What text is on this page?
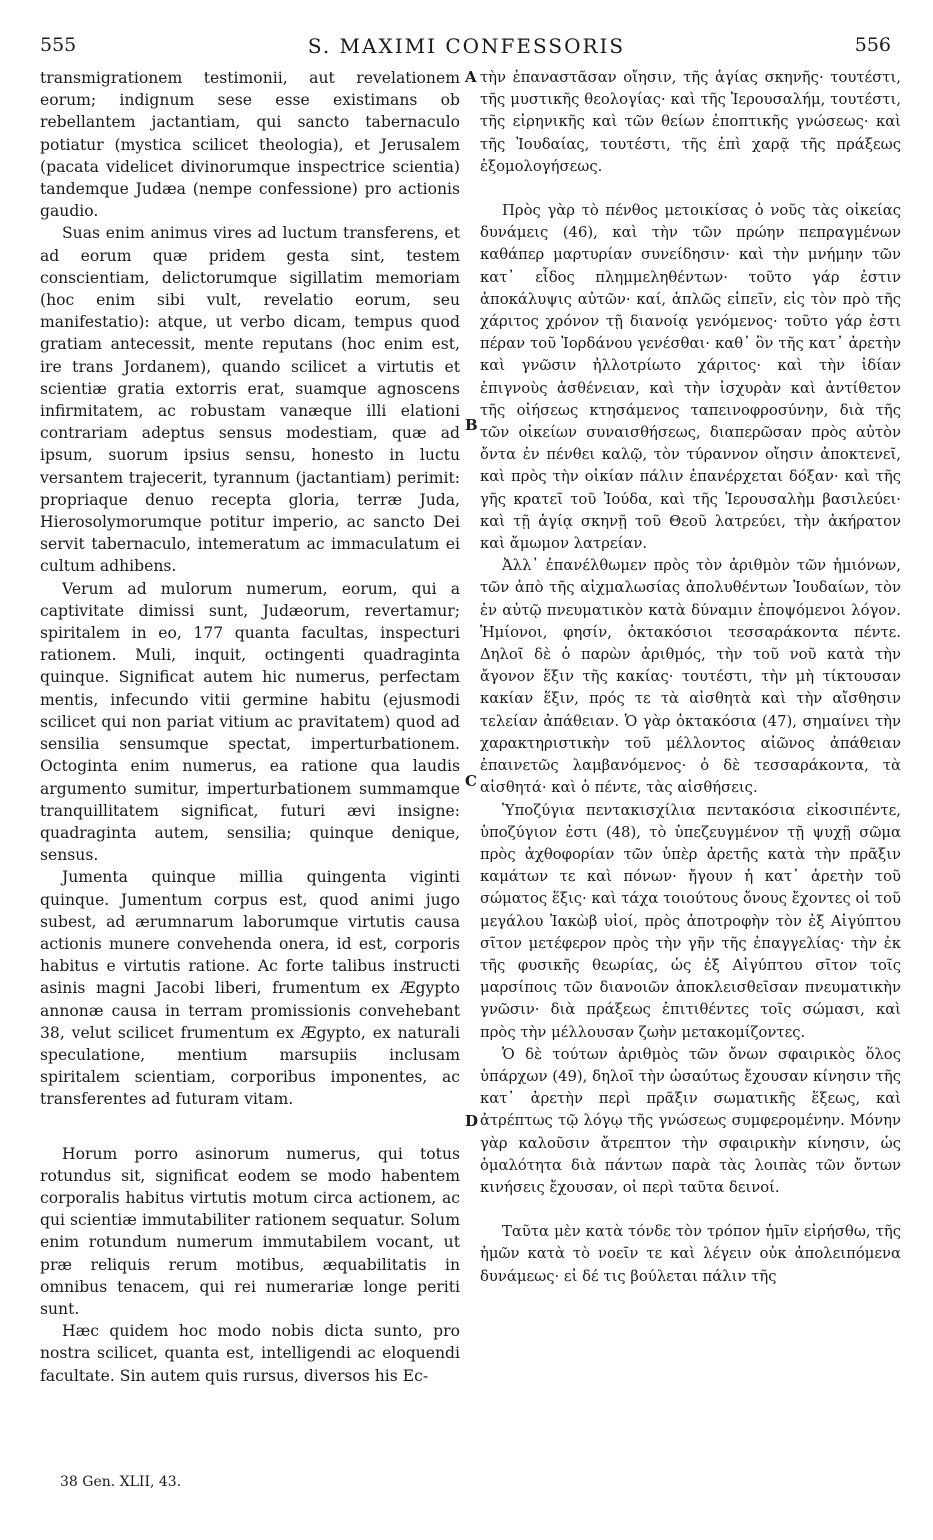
555	S. MAXIMI CONFESSORIS	556

transmigrationem testimonii, aut revelationem eorum; indignum sese esse existimans ob rebellantem jactantiam, qui sancto tabernaculo potiatur (mystica scilicet theologia), et Jerusalem (pacata videlicet divinorumque inspectrice scientia) tandemque Judæa (nempe confessione) pro actionis gaudio.

Suas enim animus vires ad luctum transferens, et ad eorum quæ pridem gesta sint, testem conscientiam, delictorumque sigillatim memoriam (hoc enim sibi vult, revelatio eorum, seu manifestatio): atque, ut verbo dicam, tempus quod gratiam antecessit, mente reputans (hoc enim est, ire trans Jordanem), quando scilicet a virtutis et scientiæ gratia extorris erat, suamque agnoscens infirmitatem, ac robustam vanæque illi elationi contrariam adeptus sensus modestiam, quæ ad ipsum, suorum ipsius sensu, honesto in luctu versantem trajecerit, tyrannum (jactantiam) perimit: propriaque denuo recepta gloria, terræ Juda, Hierosolymorumque potitur imperio, ac sancto Dei servit tabernaculo, intemeratum ac immaculatum ei cultum adhibens.

Verum ad mulorum numerum, eorum, qui a captivitate dimissi sunt, Judæorum, revertamur; spiritalem in eo, 177 quanta facultas, inspecturi rationem. Muli, inquit, octingenti quadraginta quinque. Significat autem hic numerus, perfectam mentis, infecundo vitii germine habitu (ejusmodi scilicet qui non pariat vitium ac pravitatem) quod ad sensilia sensumque spectat, imperturbationem. Octoginta enim numerus, ea ratione qua laudis argumento sumitur, imperturbationem summamque tranquillitatem significat, futuri ævi insigne: quadraginta autem, sensilia; quinque denique, sensus.

Jumenta quinque millia quingenta viginti quinque. Jumentum corpus est, quod animi jugo subest, ad ærumnarum laborumque virtutis causa actionis munere convehenda onera, id est, corporis habitus e virtutis ratione. Ac forte talibus instructi asinis magni Jacobi liberi, frumentum ex Ægypto annonæ causa in terram promissionis convehebant 38, velut scilicet frumentum ex Ægypto, ex naturali speculatione, mentium marsupiis inclusam spiritalem scientiam, corporibus imponentes, ac transferentes ad futuram vitam.

Horum porro asinorum numerus, qui totus rotundus sit, significat eodem se modo habentem corporalis habitus virtutis motum circa actionem, ac qui scientiæ immutabiliter rationem sequatur. Solum enim rotundum numerum immutabilem vocant, ut præ reliquis rerum motibus, æquabilitatis in omnibus tenacem, qui rei numerariæ longe periti sunt.

Hæc quidem hoc modo nobis dicta sunto, pro nostra scilicet, quanta est, intelligendi ac eloquendi facultate. Sin autem quis rursus, diversos his Ec-

τὴν ἐπαναστᾶσαν οἴησιν, τῆς ἁγίας σκηνῆς· τουτέστι, τῆς μυστικῆς θεολογίας· καὶ τῆς Ἱερουσαλήμ, τουτέστι, τῆς εἰρηνικῆς καὶ τῶν θείων ἐποπτικῆς γνώσεως· καὶ τῆς Ἰουδαίας, τουτέστι, τῆς ἐπὶ χαρᾷ τῆς πράξεως ἐξομολογήσεως.

Πρὸς γὰρ τὸ πένθος μετοικίσας ὁ νοῦς τὰς οἰκείας δυνάμεις (46), καὶ τὴν τῶν πρώην πεπραγμένων καθάπερ μαρτυρίαν συνείδησιν· καὶ τὴν μνήμην τῶν κατ᾽ εἶδος πλημμεληθέντων· τοῦτο γάρ ἐστιν ἀποκάλυψις αὐτῶν· καί, ἁπλῶς εἰπεῖν, εἰς τὸν πρὸ τῆς χάριτος χρόνον τῇ διανοίᾳ γενόμενος· τοῦτο γάρ ἐστι πέραν τοῦ Ἰορδάνου γενέσθαι· καθ᾽ ὃν τῆς κατ᾽ ἀρετὴν καὶ γνῶσιν ἠλλοτρίωτο χάριτος· καὶ τὴν ἰδίαν ἐπιγνοὺς ἀσθένειαν, καὶ τὴν ἰσχυρὰν καὶ ἀντίθετον τῆς οἰήσεως κτησάμενος ταπεινοφροσύνην, διὰ τῆς τῶν οἰκείων συναισθήσεως, διαπερῶσαν πρὸς αὐτὸν ὄντα ἐν πένθει καλῷ, τὸν τύραννον οἴησιν ἀποκτενεῖ, καὶ πρὸς τὴν οἰκίαν πάλιν ἐπανέρχεται δόξαν· καὶ τῆς γῆς κρατεῖ τοῦ Ἰούδα, καὶ τῆς Ἱερουσαλὴμ βασιλεύει· καὶ τῇ ἁγίᾳ σκηνῇ τοῦ Θεοῦ λατρεύει, τὴν ἀκήρατον καὶ ἄμωμον λατρείαν.

Ἀλλ᾽ ἐπανέλθωμεν πρὸς τὸν ἀριθμὸν τῶν ἡμιόνων, τῶν ἀπὸ τῆς αἰχμαλωσίας ἀπολυθέντων Ἰουδαίων, τὸν ἐν αὐτῷ πνευματικὸν κατὰ δύναμιν ἐποψόμενοι λόγον. Ἡμίονοι, φησίν, ὀκτακόσιοι τεσσαράκοντα πέντε. Δηλοῖ δὲ ὁ παρὼν ἀριθμός, τὴν τοῦ νοῦ κατὰ τὴν ἄγονον ἕξιν τῆς κακίας· τουτέστι, τὴν μὴ τίκτουσαν κακίαν ἕξιν, πρός τε τὰ αἰσθητὰ καὶ τὴν αἴσθησιν τελείαν ἀπάθειαν. Ὁ γὰρ ὀκτακόσια (47), σημαίνει τὴν χαρακτηριστικὴν τοῦ μέλλοντος αἰῶνος ἀπάθειαν ἐπαινετῶς λαμβανόμενος· ὁ δὲ τεσσαράκοντα, τὰ αἰσθητά· καὶ ὁ πέντε, τὰς αἰσθήσεις.

Ὑποζύγια πεντακισχίλια πεντακόσια εἰκοσιπέντε, ὑποζύγιον ἐστι (48), τὸ ὑπεζευγμένον τῇ ψυχῇ σῶμα πρὸς ἀχθοφορίαν τῶν ὑπὲρ ἀρετῆς κατὰ τὴν πρᾶξιν καμάτων τε καὶ πόνων· ἤγουν ἡ κατ᾽ ἀρετὴν τοῦ σώματος ἕξις· καὶ τάχα τοιούτους ὄνους ἔχοντες οἱ τοῦ μεγάλου Ἰακὼβ υἱοί, πρὸς ἀποτροφὴν τὸν ἐξ Αἰγύπτου σῖτον μετέφερον πρὸς τὴν γῆν τῆς ἐπαγγελίας· τὴν ἐκ τῆς φυσικῆς θεωρίας, ὡς ἐξ Αἰγύπτου σῖτον τοῖς μαρσίποις τῶν διανοιῶν ἀποκλεισθεῖσαν πνευματικὴν γνῶσιν· διὰ πράξεως ἐπιτιθέντες τοῖς σώμασι, καὶ πρὸς τὴν μέλλουσαν ζωὴν μετακομίζοντες.

Ὁ δὲ τούτων ἀριθμὸς τῶν ὄνων σφαιρικὸς ὅλος ὑπάρχων (49), δηλοῖ τὴν ὡσαύτως ἔχουσαν κίνησιν τῆς κατ᾽ ἀρετὴν περὶ πρᾶξιν σωματικῆς ἕξεως, καὶ ἀτρέπτως τῷ λόγῳ τῆς γνώσεως συμφερομένην. Μόνην γὰρ καλοῦσιν ἄτρεπτον τὴν σφαιρικὴν κίνησιν, ὡς ὁμαλότητα διὰ πάντων παρὰ τὰς λοιπὰς τῶν ὄντων κινήσεις ἔχουσαν, οἱ περὶ ταῦτα δεινοί.

Ταῦτα μὲν κατὰ τόνδε τὸν τρόπον ἡμῖν εἰρήσθω, τῆς ἡμῶν κατὰ τὸ νοεῖν τε καὶ λέγειν οὐκ ἀπολειπόμενα δυνάμεως· εἰ δέ τις βούλεται πάλιν τῆς

A
B
C
D
38 Gen. XLII, 43.
